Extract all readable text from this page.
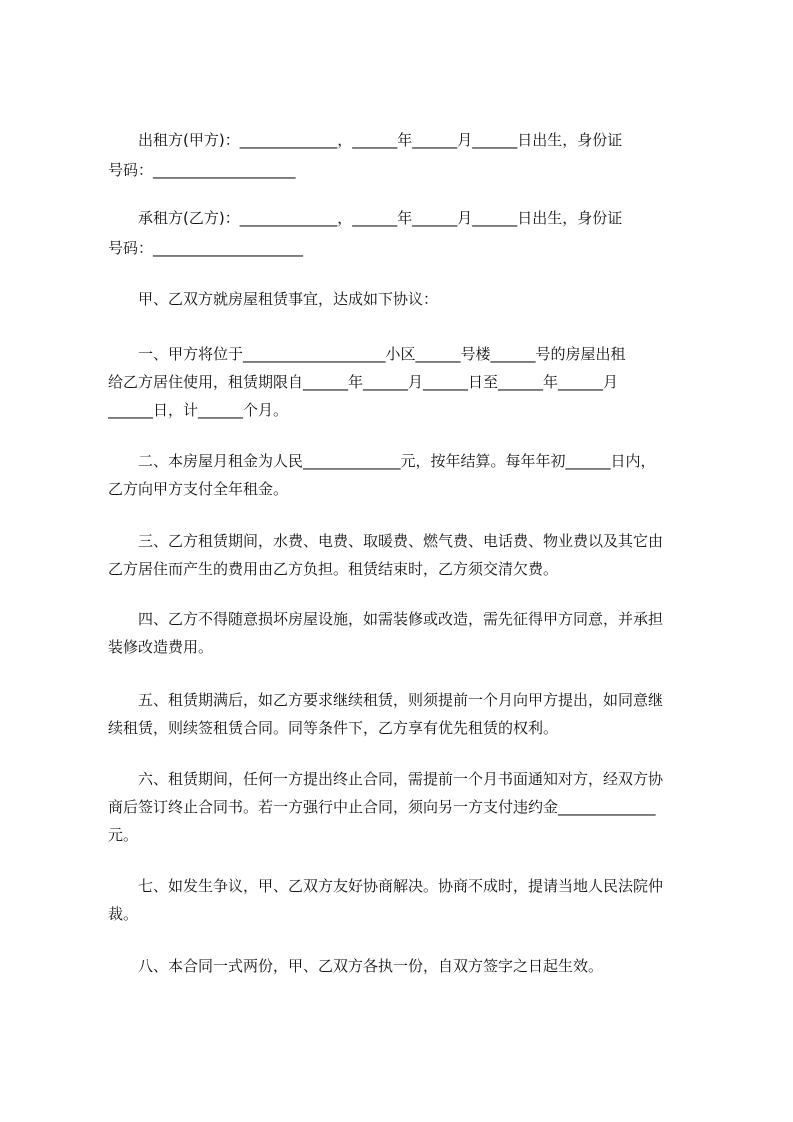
出租方(甲方)：_____________，______年______月______日出生，身份证
号码：___________________
承租方(乙方)：_____________，______年______月______日出生，身份证
号码：____________________
甲、乙双方就房屋租赁事宜，达成如下协议：
一、甲方将位于___________________小区______号楼______号的房屋出租
给乙方居住使用，租赁期限自______年______月______日至______年______月
______日，计______个月。
二、本房屋月租金为人民_____________元，按年结算。每年年初______日内，
乙方向甲方支付全年租金。
三、乙方租赁期间，水费、电费、取暖费、燃气费、电话费、物业费以及其它由
乙方居住而产生的费用由乙方负担。租赁结束时，乙方须交清欠费。
四、乙方不得随意损坏房屋设施，如需装修或改造，需先征得甲方同意，并承担
装修改造费用。
五、租赁期满后，如乙方要求继续租赁，则须提前一个月向甲方提出，如同意继
续租赁，则续签租赁合同。同等条件下，乙方享有优先租赁的权利。
六、租赁期间，任何一方提出终止合同，需提前一个月书面通知对方，经双方协
商后签订终止合同书。若一方强行中止合同，须向另一方支付违约金_____________
元。
七、如发生争议，甲、乙双方友好协商解决。协商不成时，提请当地人民法院仲
裁。
八、本合同一式两份，甲、乙双方各执一份，自双方签字之日起生效。
